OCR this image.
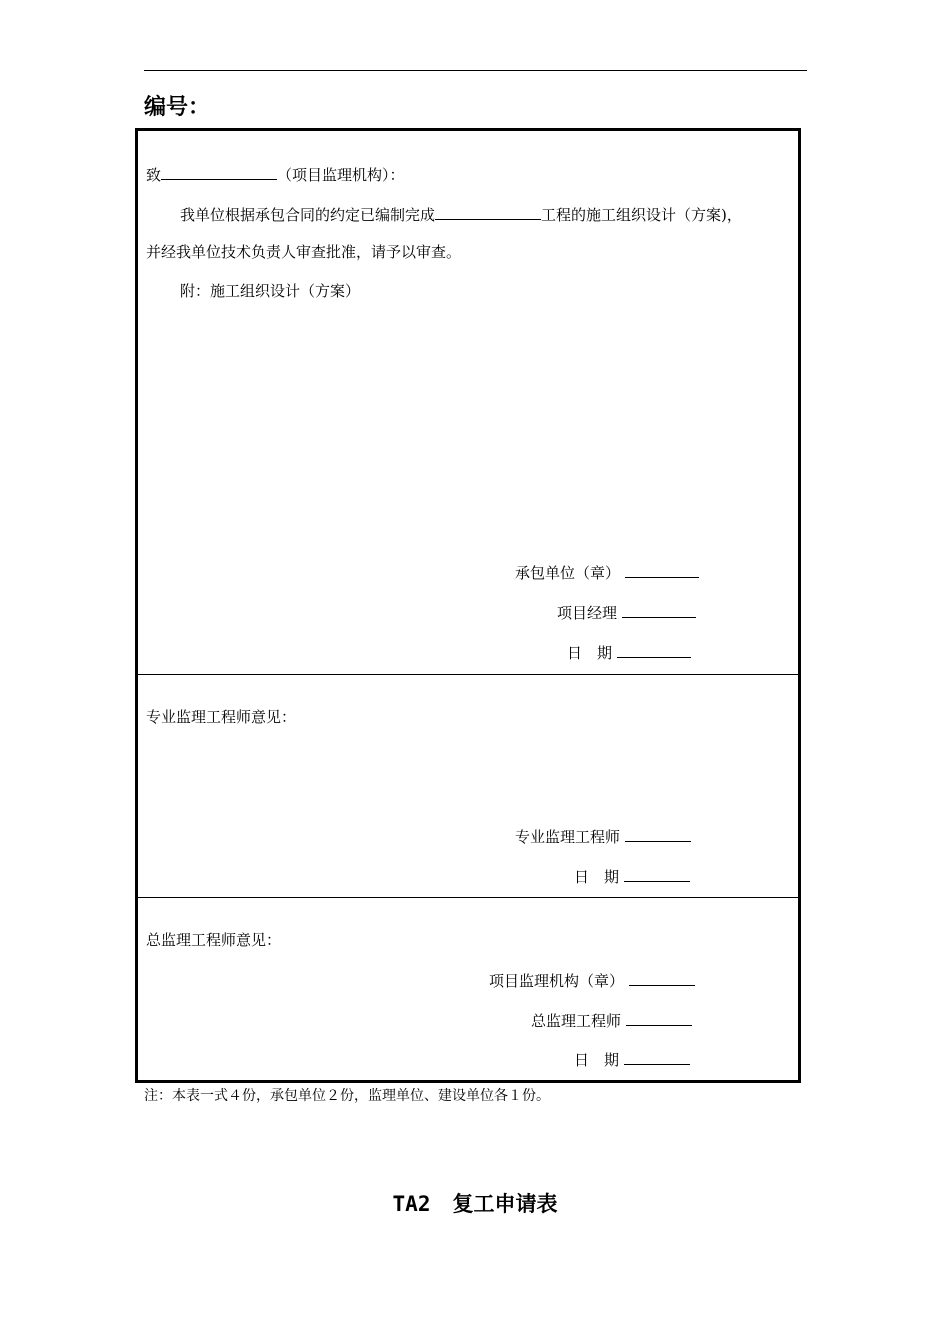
编号：
致	（项目监理机构）：
我单位根据承包合同的约定已编制完成	工程的施工组织设计（方案)，
并经我单位技术负责人审查批准，请予以审查。
附：施工组织设计（方案）
承包单位（章）
项目经理
日　期
专业监理工程师意见：
专业监理工程师
日　期
总监理工程师意见：
项目监理机构（章）
总监理工程师
日　期
注：本表一式４份，承包单位２份，监理单位、建设单位各１份。
TA2 复工申请表
